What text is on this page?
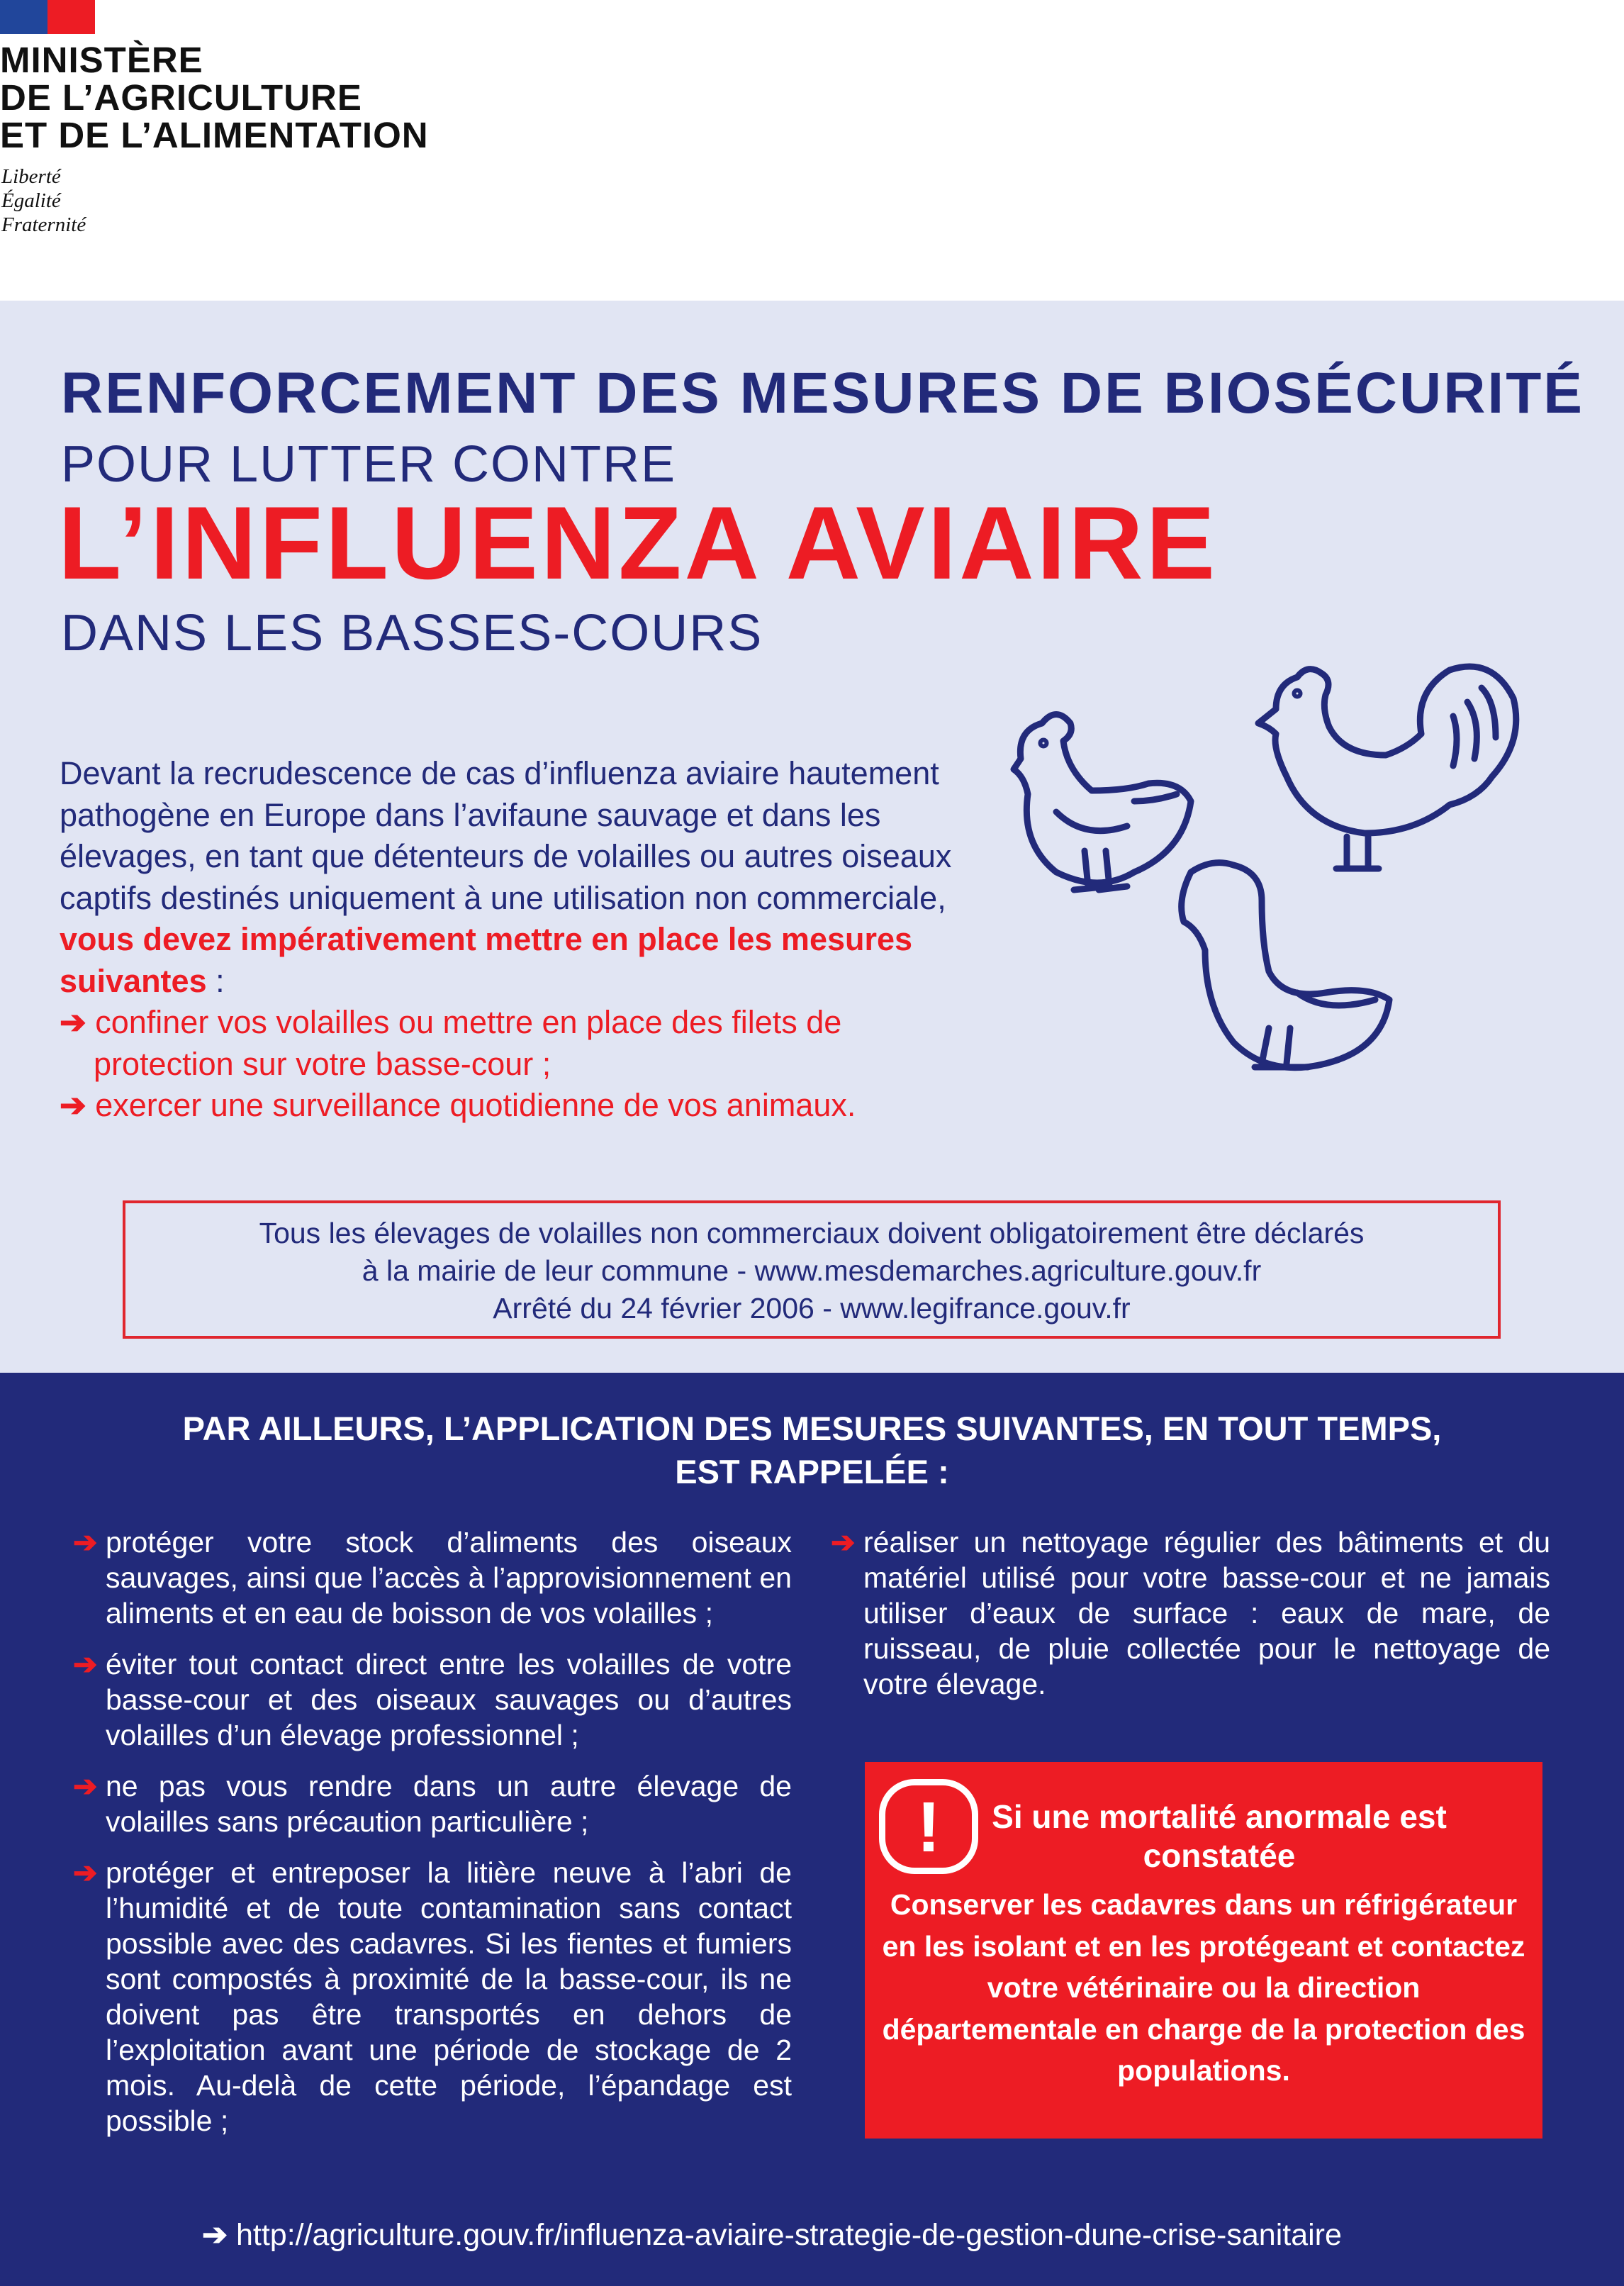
MINISTÈRE
DE L’AGRICULTURE
ET DE L’ALIMENTATION
Liberté
Égalité
Fraternité
RENFORCEMENT DES MESURES DE BIOSÉCURITÉ
POUR LUTTER CONTRE
L’INFLUENZA AVIAIRE
DANS LES BASSES-COURS
Devant la recrudescence de cas d’influenza aviaire hautement pathogène en Europe dans l’avifaune sauvage et dans les élevages, en tant que détenteurs de volailles ou autres oiseaux captifs destinés uniquement à une utilisation non commerciale, vous devez impérativement mettre en place les mesures suivantes :
➔ confiner vos volailles ou mettre en place des filets de protection sur votre basse-cour ;
➔ exercer une surveillance quotidienne de vos animaux.
Tous les élevages de volailles non commerciaux doivent obligatoirement être déclarés
à la mairie de leur commune - www.mesdemarches.agriculture.gouv.fr
Arrêté du 24 février 2006 - www.legifrance.gouv.fr
PAR AILLEURS, L’APPLICATION DES MESURES SUIVANTES, EN TOUT TEMPS,
EST RAPPELÉE :
➔ protéger votre stock d’aliments des oiseaux sauvages, ainsi que l’accès à l’approvisionnement en aliments et en eau de boisson de vos volailles ;
➔ éviter tout contact direct entre les volailles de votre basse-cour et des oiseaux sauvages ou d’autres volailles d’un élevage professionnel ;
➔ ne pas vous rendre dans un autre élevage de volailles sans précaution particulière ;
➔ protéger et entreposer la litière neuve à l’abri de l’humidité et de toute contamination sans contact possible avec des cadavres. Si les fientes et fumiers sont compostés à proximité de la basse-cour, ils ne doivent pas être transportés en dehors de l’exploitation avant une période de stockage de 2 mois. Au-delà de cette période, l’épandage est possible ;
➔ réaliser un nettoyage régulier des bâtiments et du matériel utilisé pour votre basse-cour et ne jamais utiliser d’eaux de surface : eaux de mare, de ruisseau, de pluie collectée pour le nettoyage de votre élevage.
!	Si une mortalité anormale est constatée
Conserver les cadavres dans un réfrigérateur en les isolant et en les protégeant et contactez votre vétérinaire ou la direction départementale en charge de la protection des populations.
➔ http://agriculture.gouv.fr/influenza-aviaire-strategie-de-gestion-dune-crise-sanitaire
